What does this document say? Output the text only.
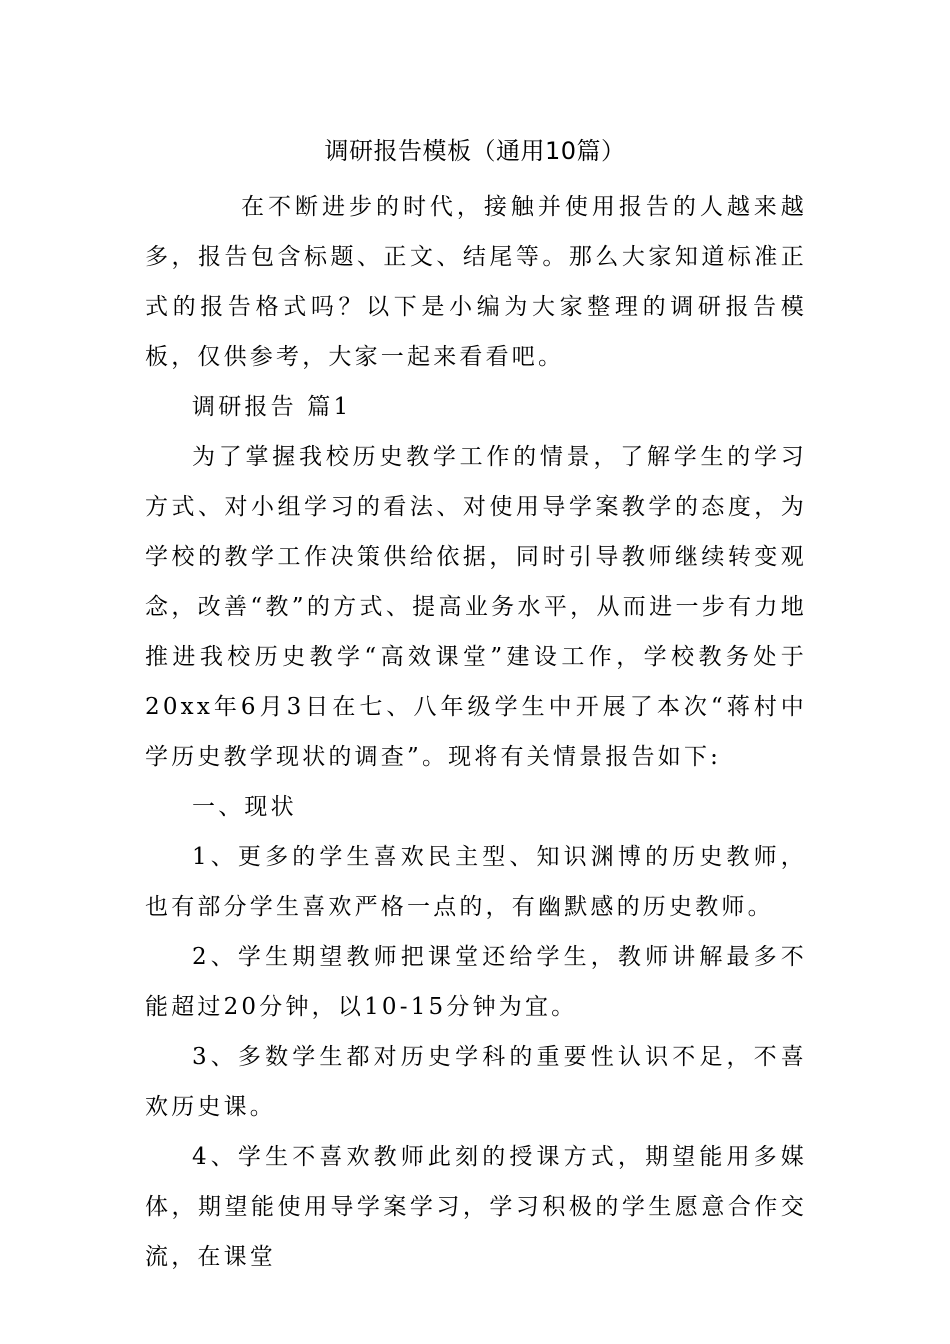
调研报告模板（通用10篇）

在不断进步的时代，接触并使用报告的人越来越多，报告包含标题、正文、结尾等。那么大家知道标准正式的报告格式吗？以下是小编为大家整理的调研报告模板，仅供参考，大家一起来看看吧。

调研报告 篇1

为了掌握我校历史教学工作的情景，了解学生的学习方式、对小组学习的看法、对使用导学案教学的态度，为学校的教学工作决策供给依据，同时引导教师继续转变观念，改善“教”的方式、提高业务水平，从而进一步有力地推进我校历史教学“高效课堂”建设工作，学校教务处于20xx年6月3日在七、八年级学生中开展了本次“蒋村中学历史教学现状的调查”。现将有关情景报告如下:

一、现状

1、更多的学生喜欢民主型、知识渊博的历史教师，也有部分学生喜欢严格一点的，有幽默感的历史教师。

2、学生期望教师把课堂还给学生，教师讲解最多不能超过20分钟，以10-15分钟为宜。

3、多数学生都对历史学科的重要性认识不足，不喜欢历史课。

4、学生不喜欢教师此刻的授课方式，期望能用多媒体，期望能使用导学案学习，学习积极的学生愿意合作交流，在课堂
